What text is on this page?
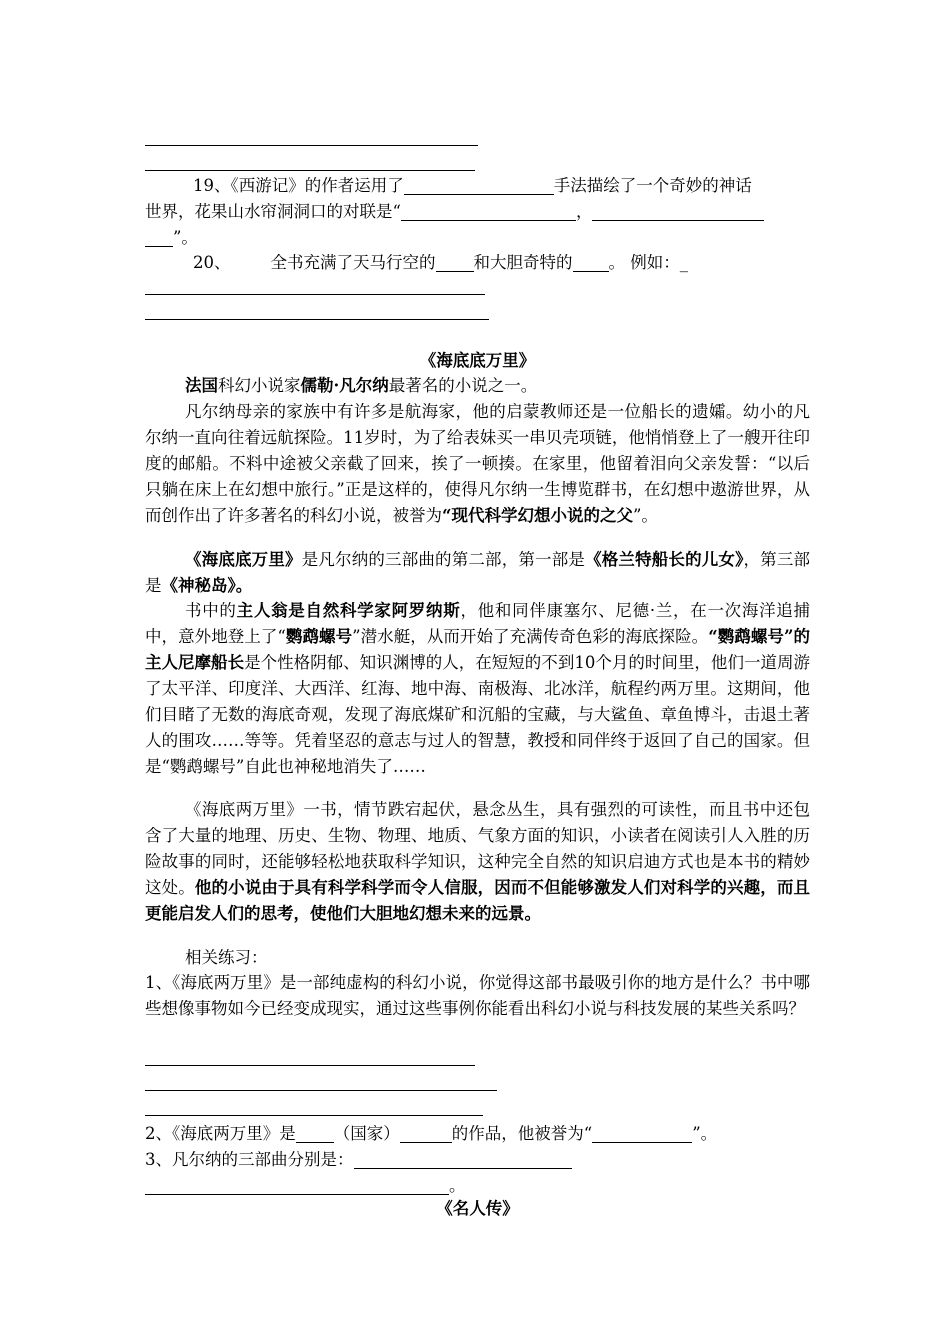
19、《西游记》的作者运用了	手法描绘了一个奇妙的神话
世界，花果山水帘洞洞口的对联是“	，
”。
20、 全书充满了天马行空的 和大胆奇特的 。 例如：_
《海底底万里》
法国科幻小说家儒勒·凡尔纳最著名的小说之一。
凡尔纳母亲的家族中有许多是航海家，他的启蒙教师还是一位船长的遗孀。幼小的凡尔纳一直向往着远航探险。11岁时，为了给表妹买一串贝壳项链，他悄悄登上了一艘开往印度的邮船。不料中途被父亲截了回来，挨了一顿揍。在家里，他留着泪向父亲发誓：“以后只躺在床上在幻想中旅行。”正是这样的，使得凡尔纳一生博览群书，在幻想中遨游世界，从而创作出了许多著名的科幻小说，被誉为“现代科学幻想小说的之父”。
《海底底万里》是凡尔纳的三部曲的第二部，第一部是《格兰特船长的儿女》，第三部是《神秘岛》。
书中的主人翁是自然科学家阿罗纳斯，他和同伴康塞尔、尼德·兰，在一次海洋追捕中，意外地登上了“鹦鹉螺号”潜水艇，从而开始了充满传奇色彩的海底探险。“鹦鹉螺号”的主人尼摩船长是个性格阴郁、知识渊博的人，在短短的不到10个月的时间里，他们一道周游了太平洋、印度洋、大西洋、红海、地中海、南极海、北冰洋，航程约两万里。这期间，他们目睹了无数的海底奇观，发现了海底煤矿和沉船的宝藏，与大鲨鱼、章鱼博斗，击退土著人的围攻……等等。凭着坚忍的意志与过人的智慧，教授和同伴终于返回了自己的国家。但是“鹦鹉螺号”自此也神秘地消失了……
《海底两万里》一书，情节跌宕起伏，悬念丛生，具有强烈的可读性，而且书中还包含了大量的地理、历史、生物、物理、地质、气象方面的知识，小读者在阅读引人入胜的历险故事的同时，还能够轻松地获取科学知识，这种完全自然的知识启迪方式也是本书的精妙这处。他的小说由于具有科学科学而令人信服，因而不但能够激发人们对科学的兴趣，而且更能启发人们的思考，使他们大胆地幻想未来的远景。
相关练习：
1、《海底两万里》是一部纯虚构的科幻小说，你觉得这部书最吸引你的地方是什么？书中哪些想像事物如今已经变成现实，通过这些事例你能看出科幻小说与科技发展的某些关系吗？
2、《海底两万里》是 （国家）	的作品，他被誉为“	”。
3、凡尔纳的三部曲分别是：
。
《名人传》
